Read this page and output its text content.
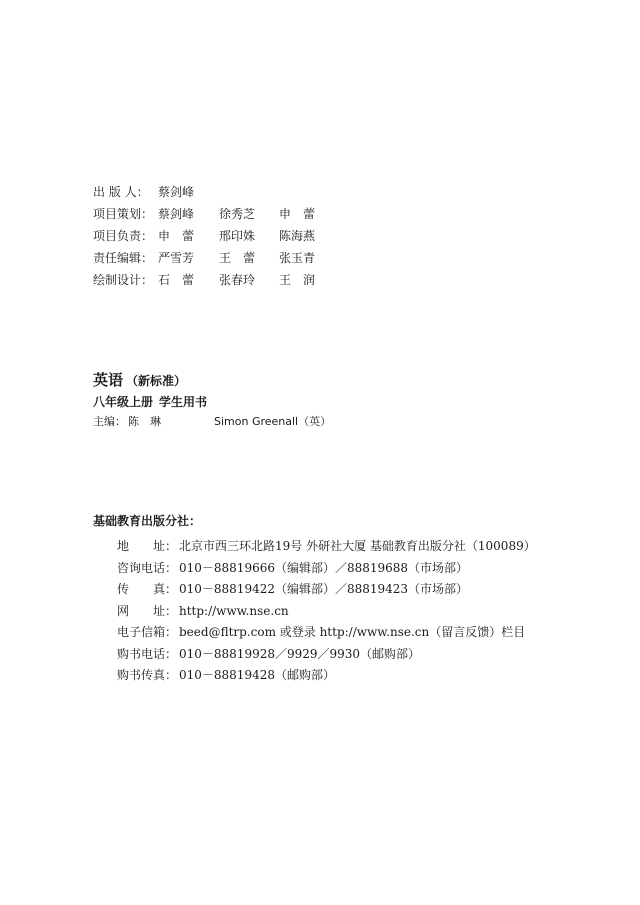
出 版 人： 蔡剑峰
项目策划： 蔡剑峰	徐秀芝	申　蕾
项目负责： 申　蕾	邢印姝	陈海燕
责任编辑： 严雪芳	王　蕾	张玉青
绘制设计： 石　蕾	张春玲	王　润
英语 （新标准）
八年级上册 学生用书
主编： 陈　琳	Simon Greenall（英）
基础教育出版分社：
地　　址： 北京市西三环北路19号 外研社大厦 基础教育出版分社（100089）
咨询电话： 010－88819666（编辑部）／88819688（市场部）
传　　真： 010－88819422（编辑部）／88819423（市场部）
网　　址： http://www.nse.cn
电子信箱： beed@fltrp.com 或登录 http://www.nse.cn（留言反馈）栏目
购书电话： 010－88819928／9929／9930（邮购部）
购书传真： 010－88819428（邮购部）
